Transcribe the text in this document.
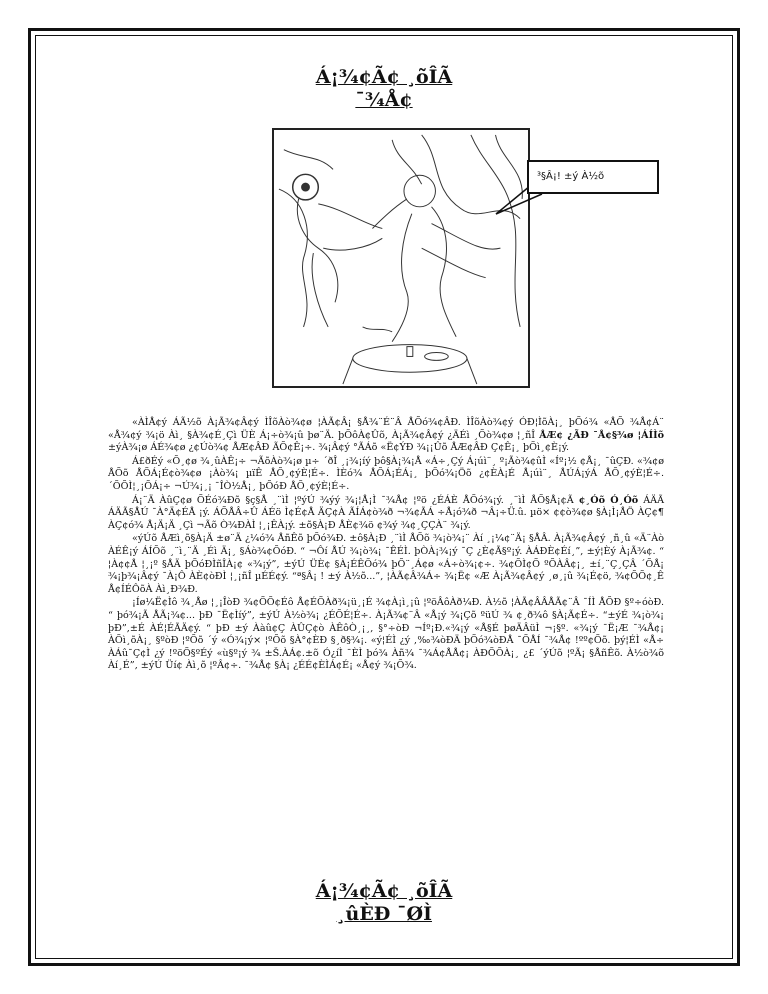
Á¡¾¢Ã¢ ¸õÎÃ
¯¾Å¢
³§Â¡! ±ý À½õ

«ÀÌÅ¢ý ÁÃ½õ À¡Ã¾¢Â¢ý ÌÎõÀò¾¢ø ¦ÀÃ¢Â¡ §Å¾¨É¨Â ÅÕó¾¢ÂÐ. ÌÎõÀò¾¢ý ÓÐ¦ÌõÀ¡¸ þÕó¾ «ÅÕ ¾Å¢Á¨ «Å¾¢ý ¾¡ö Àì¸ §À¾¢É¸Çì ÜÈ Á¡÷ò¾¡û þø¨Ä. þÕôÀ¢Ûõ, À¡Ã¾¢Â¢ý ¿ÄÉì ¸Õò¾¢ø ¦¸ñÎ ÅÆ¢ ¿ÃÐ ¯Å¢§¾ø ¦ÁÍÌõ ±ýÀ¾¡ø ÁÉ¾¢ø ¿¢Úò¾¢ ÅÆ¢ÂÐ ÃÕ¢Ê¡÷. ¾¡Â¢ý °ÃÁõ «Ë¢ÝÐ ¾¡¡Ûõ ÅÆ¢ÂÐ Ç¢Ê¡¸ þÕì¸¢È¡ý.

Á£ðÉý «Õ¸¢ø ¾¸ûÀÊ¡÷ ¬ÃõÀò¾¡ø µ÷ ´ðÎ ¸¡¾¡íý þô§À¡¾¡Å «Á÷¸Çý Á¡úì¨¸ º¡Ãò¾¢ûÌ «Íº¡½ ¢Å¡¸ ¯ûÇÐ. «¾¢ø ÅÕõ ÅÕÁ¡É¢ò¾¢ø ¡Àò¾¡ µïÊ ÅÕ¸¢ýÈ¦É÷. ÌÈó¾ ÅÕÁ¡ÉÁ¡¸ þÕó¾¡Öõ ¿¢ÈÀ¡É Å¡úì¨¸ ÅÚÁ¡ýÁ ÅÕ¸¢ýÈ¦É÷. ´ÕÕÌ¦¸¡ÕÁ¡÷ ¬Ú¾¡¸¡ ¯ÎÒ½Å¡¸ þÕóÐ ÅÕ¸¢ýÈ¦É÷.

Á¡¨Ä ÀûÇ¢ø ÕÉó¾Ðõ §ç§Å ¸¨ìÌ ¦ºýÚ ¾ýý ¾¡¦Å¡Ì ¯¾Å¢ ¦ºö ¿ÉÁÈ ÅÕó¾¡ý. ¸¨ìÌ ÅÕ§Å¡¢Ã ¢¸Óõ Ó¸Óõ ÁÄÃ ÁÄÃ§ÅÚ ¯À°Ä¢ÉÅ ¡ý. ÁÕÅÂ÷Û ÁÉö Ì¢É¢Å ÄÇ¢À ÃÍÁ¢ò¾ð ¬¾¢ÃÁ ÷Å¡ó¾ð ¬Â¡÷Ü.û. µö× ¢¢ò¾¢ø §À¡Ì¡ÅÖ ÀÇ¢¶ ÀÇ¢ó¾ Å¡Ä¡Ä ¸Çì ¬Ãõ Ò¾ÐÀÌ ¦¸¡ÊÀ¡ý. ±õ§À¡Ð ÅÈ¢¾ö ¢¾ý ¾¢¸ÇÇÀ¨ ¾¡ý.

«ýÚõ ÅÆì¸õ§À¡Ä ±ø¨Ä ¿¼ó¾ ÅñÊõ þÕó¾Ð. ±ô§À¡Ð ¸¨ìÌ ÅÕõ ¾¡ò¾¡¨ Àí ¸¡¼¢¨Ä¡ §ÅÂ. À¡Ã¾¢Â¢ý ¸ñ¸û «Ä¨Àò ÀÉÊ¡ý ÁÍÕõ ¸¨ì¸¨Ä ¸Éì Ä¡¸ §Áò¾¢ÕóÐ. “ ¬Ôí ÅÚ ¾¡ò¾¡ ¯ÊÉÌ. þÒÀ¡¾¡ý ¯Ç ¿È¢Ã§º¡ý. ÀÁÐÈ¢Éí¸”, ±ý¦Èý À¡Ã¾¢. “ ¦À¢¢Å ¦¸¡º §ÅÄ þÕóÐÌñÎÀ¡¢ «¾¡ý”, ±ýÚ ÜÈ¢ §À¡ÉÊÕó¾ þÕ¨¸Á¢ø «Á÷ò¾¡¢÷. ¾¢ÕÌ¢Õ ºÕÀÂ¢¡¸ ±í¸¨Ç¸ÇÂ ´ÕÅ¡ ¾¡þ¾¡Â¢ý ¯À¡Ô ÀÈ¢òÐÌ ¦¸¡ñÎ µÉÉ¢ý. “ª§Â¡ ! ±ý À½õ...”, ¦ÀÃ¢Â¾Á÷ ¾¡Ë¢ «Æ À¡Ã¾¢Â¢ý ¸ø¸¡û ¾¡É¢ö, ¾¢ÕÕ¢¸Ê Å¢ÍÉÔõÀ Àì¸Ð¾Ð.

¡Íø¼Ë¢Ìô ¾¸Åø ¦¸¡ÎòÐ ¾¢ÕÕ¢Éô Å¢ÉÕÀð¾¡ü¸¡É ¾¢À¡ì¸¡û ¦ºöÂôÀð¼Ð. À½õ ¦ÀÃ¢ÂÂÅÃ¢¨Â ¯ÍÌ ÅÕÐ §º÷óòÐ. “ þó¾¡Ã ÅÃ¡¾¢... þÐ ¯Ë¢Ìíý”, ±ýÚ À½ò¾¡ ¿ÉÕÉ¦É÷. À¡Ã¾¢¨Â «Å¡ý ¾¡Çõ ºüÚ ¾ ¢¸ð¾ô §À¡Ã¢É÷. “±ýÉ ¾¡ò¾¡ þÐ”,±É ÀÉ¦ÉÃÄ¢ý. “ þÐ ±ý Ààû¢Ç ÀÛÇ¢ò ÀÊôÒ¸¡¸, §°÷òÐ ¬Íº¡Ð.«¾¡ý «Å§É þøÄÂüÌ ¬¡§º. «¾¡ý ¯Ë¡Æ ¯¾Å¢¡ ÀÕì¸õÀ¡¸ §ºòÐ ¦ºÕõ ´ý «Ó¾¡ý× ¦ºÕõ §À°¢ÈÐ §¸ð§¾¡. «ý¦ÉÌ ¿ý ‚‰¾òÐÄ þÕó¾òÐÅ ¯ÕÅÍ ¯¾Å¢ !ºº¢Õõ. þý¦ÉÌ «Å÷ ÀÁû¯Ç¢Ì ¿ý !ºöÕ§ºÉý «ù§º¡ý ¾ ±Š.ÀÁ¢.±õ Ó¿íÌ ¯ÈÌ þó¾ Àñ¾ ¯¾Á¢ÅÅ¢¡ ÀÐÕÕÀ¡¸ ¿£ ´ýÚõ ¦ºÃ¡ §ÅñÊõ. À½ò¾õ Àí¸É”, ±ýÚ Üí¢ Àì¸õ ¦ºÂ¢÷. ¯¾Å¢ §À¡ ¿ÉÉ¢ÈÌÁ¢É¡ «Å¢ý ¾¡Õ¾.

Á¡¾¢Ã¢ ¸õÎÃ
¸ûÈÐ ¯ØÌ
